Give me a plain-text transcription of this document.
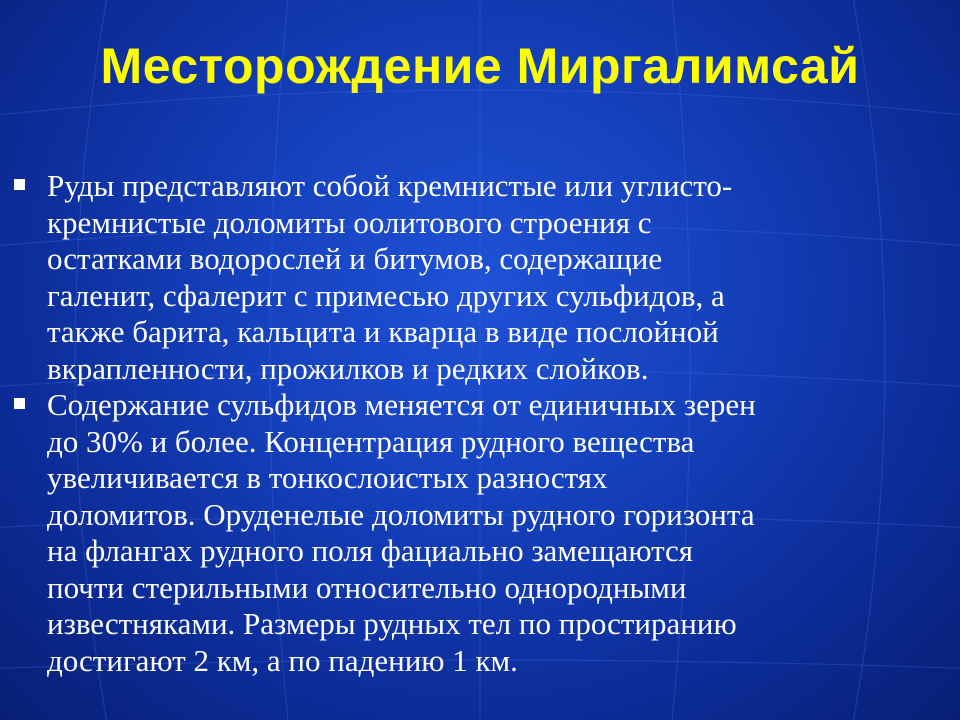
Месторождение Миргалимсай
Руды представляют собой кремнистые или углисто-
кремнистые доломиты оолитового строения с
остатками водорослей и битумов, содержащие
галенит, сфалерит с примесью других сульфидов, а
также барита, кальцита и кварца в виде послойной
вкрапленности, прожилков и редких слойков.
Содержание сульфидов меняется от единичных зерен
до 30% и более. Концентрация рудного вещества
увеличивается в тонкослоистых разностях
доломитов. Оруденелые доломиты рудного горизонта
на флангах рудного поля фациально замещаются
почти стерильными относительно однородными
известняками. Размеры рудных тел по простиранию
достигают 2 км, а по падению 1 км.
